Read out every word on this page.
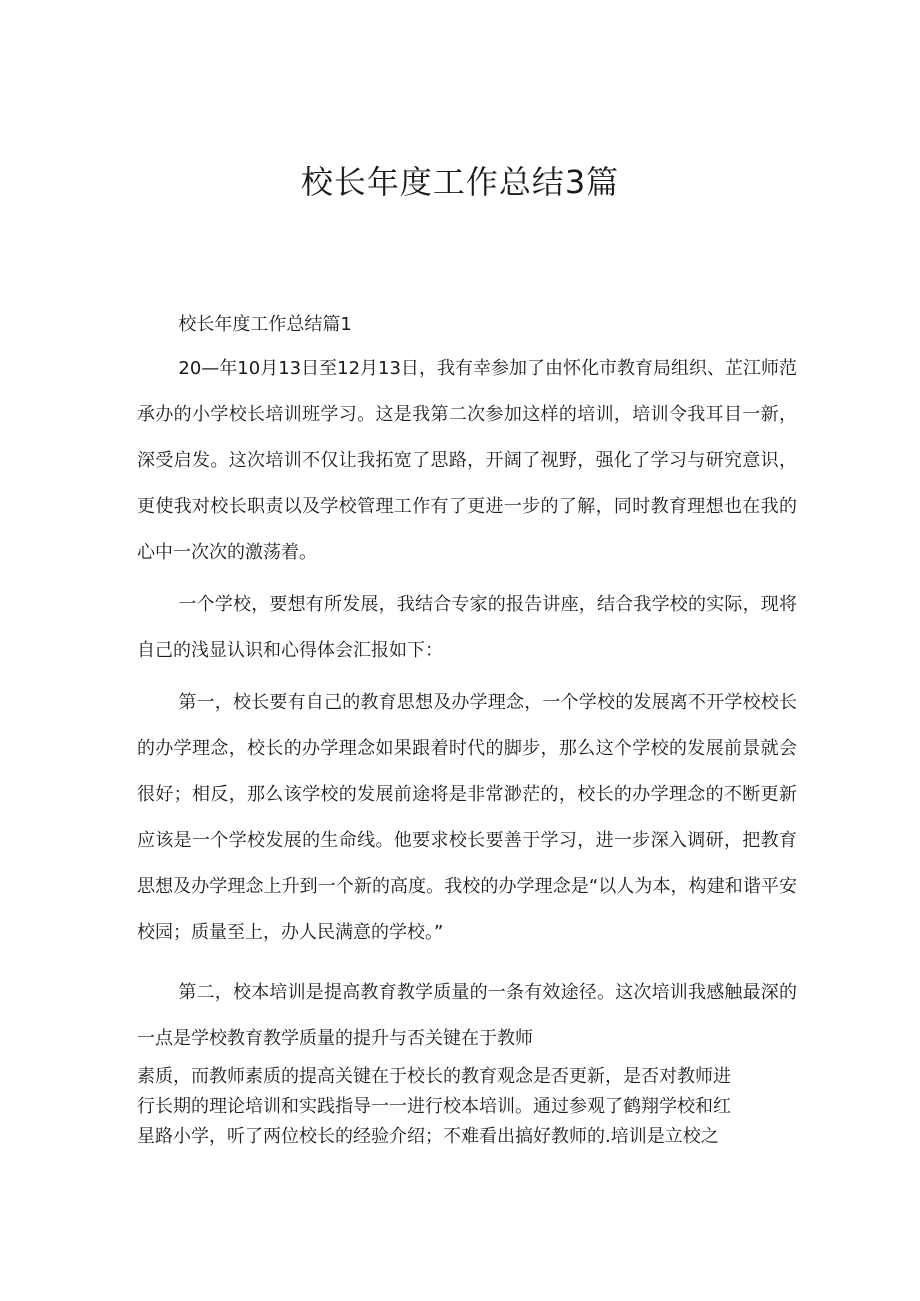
校长年度工作总结3篇

校长年度工作总结篇1

20—年10月13日至12月13日，我有幸参加了由怀化市教育局组织、芷江师范承办的小学校长培训班学习。这是我第二次参加这样的培训，培训令我耳目一新，深受启发。这次培训不仅让我拓宽了思路，开阔了视野，强化了学习与研究意识，更使我对校长职责以及学校管理工作有了更进一步的了解，同时教育理想也在我的心中一次次的激荡着。

一个学校，要想有所发展，我结合专家的报告讲座，结合我学校的实际，现将自己的浅显认识和心得体会汇报如下：

第一，校长要有自己的教育思想及办学理念，一个学校的发展离不开学校校长的办学理念，校长的办学理念如果跟着时代的脚步，那么这个学校的发展前景就会很好；相反，那么该学校的发展前途将是非常渺茫的，校长的办学理念的不断更新应该是一个学校发展的生命线。他要求校长要善于学习，进一步深入调研，把教育思想及办学理念上升到一个新的高度。我校的办学理念是“以人为本，构建和谐平安校园；质量至上，办人民满意的学校。”

第二，校本培训是提高教育教学质量的一条有效途径。这次培训我感触最深的一点是学校教育教学质量的提升与否关键在于教师

素质，而教师素质的提高关键在于校长的教育观念是否更新，是否对教师进
行长期的理论培训和实践指导一一进行校本培训。通过参观了鹤翔学校和红
星路小学，听了两位校长的经验介绍；不难看出搞好教师的.培训是立校之
